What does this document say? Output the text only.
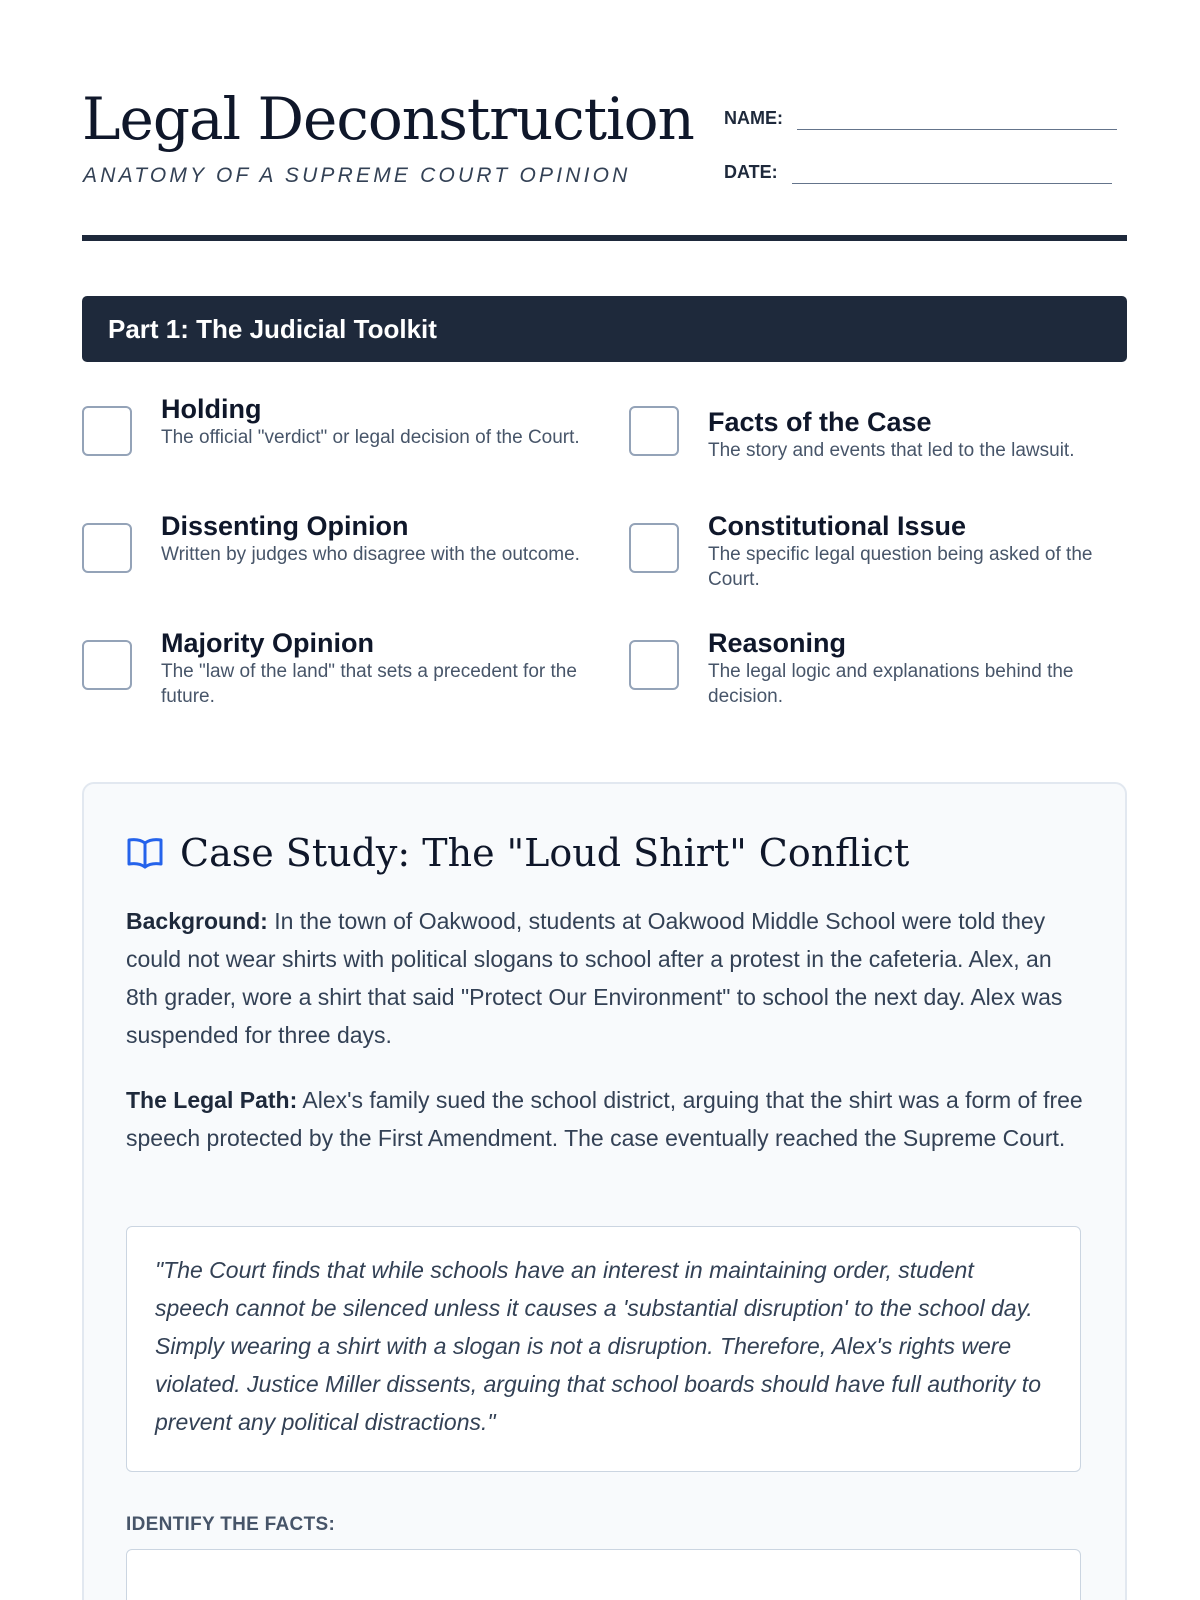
Legal Deconstruction
ANATOMY OF A SUPREME COURT OPINION
NAME:
DATE:
Part 1: The Judicial Toolkit
Holding
The official "verdict" or legal decision of the Court.
Facts of the Case
The story and events that led to the lawsuit.
Dissenting Opinion
Written by judges who disagree with the outcome.
Constitutional Issue
The specific legal question being asked of the Court.
Majority Opinion
The "law of the land" that sets a precedent for the future.
Reasoning
The legal logic and explanations behind the decision.
Case Study: The "Loud Shirt" Conflict
Background: In the town of Oakwood, students at Oakwood Middle School were told they could not wear shirts with political slogans to school after a protest in the cafeteria. Alex, an 8th grader, wore a shirt that said "Protect Our Environment" to school the next day. Alex was suspended for three days.
The Legal Path: Alex's family sued the school district, arguing that the shirt was a form of free speech protected by the First Amendment. The case eventually reached the Supreme Court.
"The Court finds that while schools have an interest in maintaining order, student speech cannot be silenced unless it causes a 'substantial disruption' to the school day. Simply wearing a shirt with a slogan is not a disruption. Therefore, Alex's rights were violated. Justice Miller dissents, arguing that school boards should have full authority to prevent any political distractions."
IDENTIFY THE FACTS:
